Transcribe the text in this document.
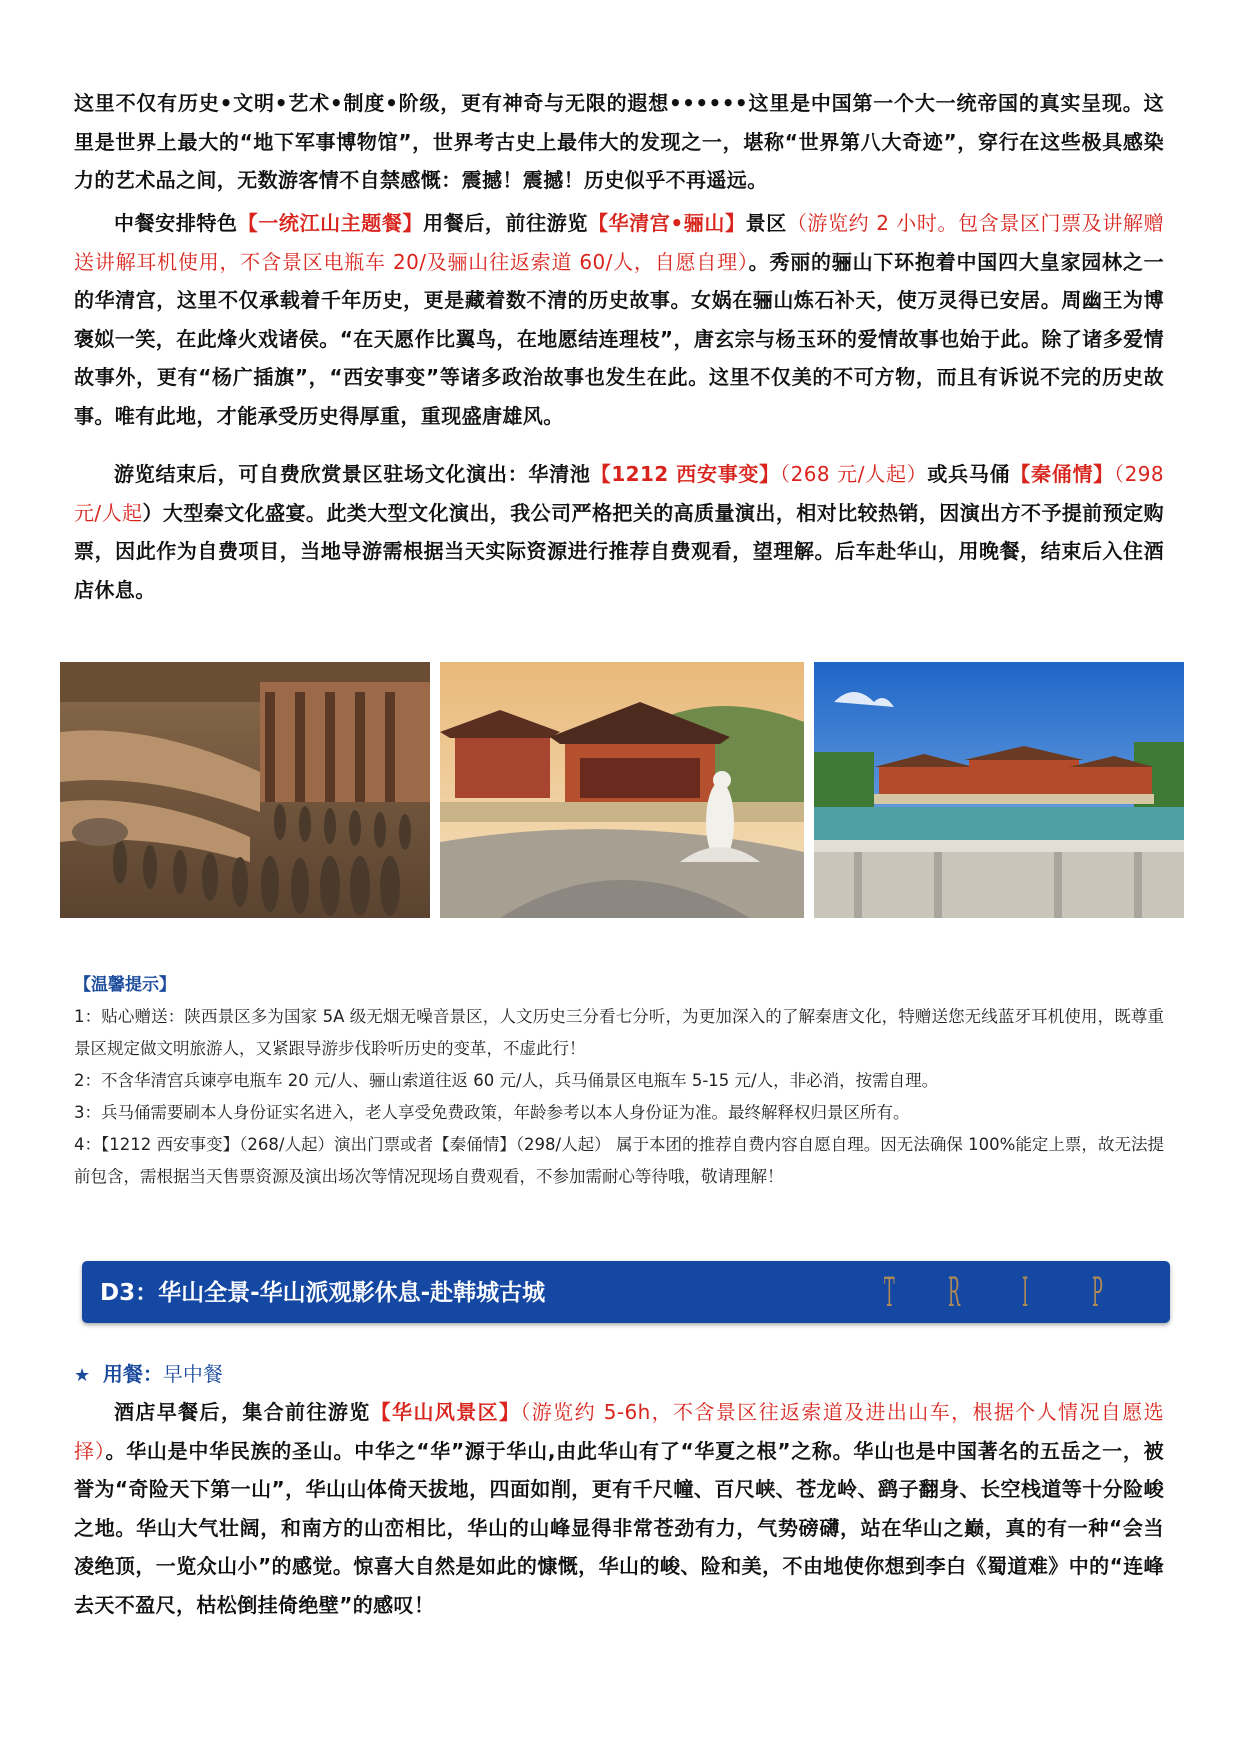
这里不仅有历史•文明•艺术•制度•阶级，更有神奇与无限的遐想••••••这里是中国第一个大一统帝国的真实呈现。这里是世界上最大的“地下军事博物馆”，世界考古史上最伟大的发现之一，堪称“世界第八大奇迹”，穿行在这些极具感染力的艺术品之间，无数游客情不自禁感慨：震撼！震撼！历史似乎不再遥远。

中餐安排特色【一统江山主题餐】用餐后，前往游览【华清宫•骊山】景区（游览约 2 小时。包含景区门票及讲解赠送讲解耳机使用，不含景区电瓶车 20/及骊山往返索道 60/人，自愿自理）。秀丽的骊山下环抱着中国四大皇家园林之一的华清宫，这里不仅承载着千年历史，更是藏着数不清的历史故事。女娲在骊山炼石补天，使万灵得已安居。周幽王为博褒姒一笑，在此烽火戏诸侯。“在天愿作比翼鸟，在地愿结连理枝”，唐玄宗与杨玉环的爱情故事也始于此。除了诸多爱情故事外，更有“杨广插旗”，“西安事变”等诸多政治故事也发生在此。这里不仅美的不可方物，而且有诉说不完的历史故事。唯有此地，才能承受历史得厚重，重现盛唐雄风。

游览结束后，可自费欣赏景区驻场文化演出：华清池【1212 西安事变】（268 元/人起）或兵马俑【秦俑情】（298 元/人起）大型秦文化盛宴。此类大型文化演出，我公司严格把关的高质量演出，相对比较热销，因演出方不予提前预定购票，因此作为自费项目，当地导游需根据当天实际资源进行推荐自费观看，望理解。后车赴华山，用晚餐，结束后入住酒店休息。

【温馨提示】

1：贴心赠送：陕西景区多为国家 5A 级无烟无噪音景区，人文历史三分看七分听，为更加深入的了解秦唐文化，特赠送您无线蓝牙耳机使用，既尊重景区规定做文明旅游人，又紧跟导游步伐聆听历史的变革，不虚此行！

2：不含华清宫兵谏亭电瓶车 20 元/人、骊山索道往返 60 元/人，兵马俑景区电瓶车 5-15 元/人，非必消，按需自理。

3：兵马俑需要刷本人身份证实名进入，老人享受免费政策，年龄参考以本人身份证为准。最终解释权归景区所有。

4：【1212 西安事变】（268/人起）演出门票或者【秦俑情】（298/人起） 属于本团的推荐自费内容自愿自理。因无法确保 100%能定上票，故无法提前包含，需根据当天售票资源及演出场次等情况现场自费观看，不参加需耐心等待哦，敬请理解！

D3：华山全景-华山派观影休息-赴韩城古城	T R I P

★ 用餐：早中餐

酒店早餐后，集合前往游览【华山风景区】（游览约 5-6h，不含景区往返索道及进出山车，根据个人情况自愿选择）。华山是中华民族的圣山。中华之“华”源于华山,由此华山有了“华夏之根”之称。华山也是中国著名的五岳之一，被誉为“奇险天下第一山”，华山山体倚天拔地，四面如削，更有千尺幢、百尺峡、苍龙岭、鹞子翻身、长空栈道等十分险峻之地。华山大气壮阔，和南方的山峦相比，华山的山峰显得非常苍劲有力，气势磅礴，站在华山之巅，真的有一种“会当凌绝顶，一览众山小”的感觉。惊喜大自然是如此的慷慨，华山的峻、险和美，不由地使你想到李白《蜀道难》中的“连峰去天不盈尺，枯松倒挂倚绝壁”的感叹！
